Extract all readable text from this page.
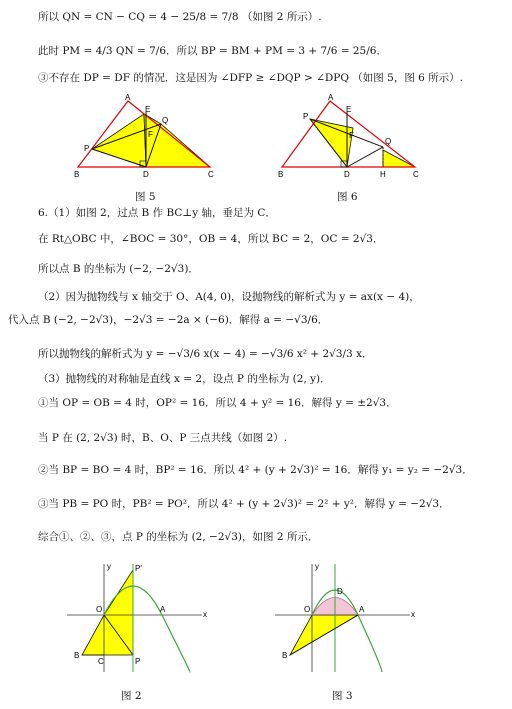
所以 QN = CN − CQ = 4 − 25/8 = 7/8 （如图 2 所示）.
此时 PM = 4/3 QN = 7/6．所以 BP = BM + PM = 3 + 7/6 = 25/6．
③不存在 DP = DF 的情况．这是因为 ∠DFP ≥ ∠DQP > ∠DPQ （如图 5，图 6 所示）.
6.（1）如图 2，过点 B 作 BC⊥y 轴，垂足为 C．
在 Rt△OBC 中，∠BOC = 30°，OB = 4，所以 BC = 2，OC = 2√3．
所以点 B 的坐标为 (−2, −2√3)．
（2）因为抛物线与 x 轴交于 O、A(4, 0)，设抛物线的解析式为 y = ax(x − 4)，
代入点 B (−2, −2√3)，−2√3 = −2a × (−6)．解得 a = −√3/6．
所以抛物线的解析式为 y = −√3/6 x(x − 4) = −√3/6 x² + 2√3/3 x．
（3）抛物线的对称轴是直线 x = 2，设点 P 的坐标为 (2, y)．
①当 OP = OB = 4 时，OP² = 16．所以 4 + y² = 16．解得 y = ±2√3．
当 P 在 (2, 2√3) 时，B、O、P 三点共线（如图 2）.
②当 BP = BO = 4 时，BP² = 16．所以 4² + (y + 2√3)² = 16．解得 y₁ = y₂ = −2√3．
③当 PB = PO 时，PB² = PO²．所以 4² + (y + 2√3)² = 2² + y²．解得 y = −2√3．
综合①、②、③，点 P 的坐标为 (2, −2√3)，如图 2 所示．
A
B	C
D
E
F
P
Q
图 5
A
B	C
D
E
F
P
Q
H
图 6
y
x
P'
O	A
B
C	P
图 2
y
x
O
D
A
B
图 3
